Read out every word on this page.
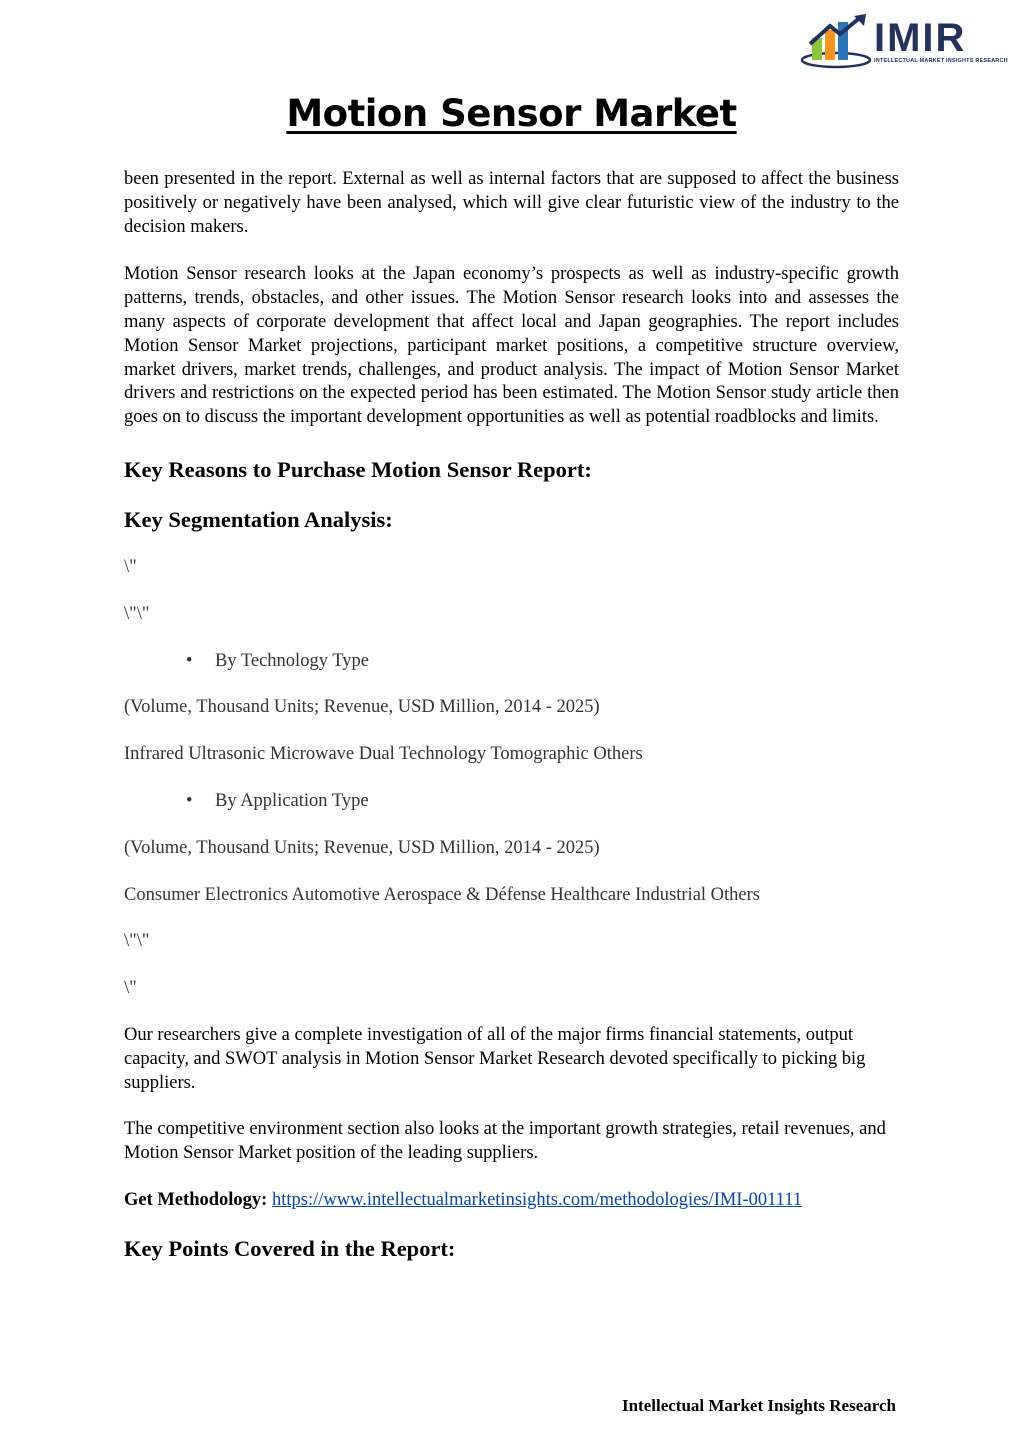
IMIR
INTELLECTUAL MARKET INSIGHTS RESEARCH
Motion Sensor Market

been presented in the report. External as well as internal factors that are supposed to affect the business positively or negatively have been analysed, which will give clear futuristic view of the industry to the decision makers.

Motion Sensor research looks at the Japan economy’s prospects as well as industry-specific growth patterns, trends, obstacles, and other issues. The Motion Sensor research looks into and assesses the many aspects of corporate development that affect local and Japan geographies. The report includes Motion Sensor Market projections, participant market positions, a competitive structure overview, market drivers, market trends, challenges, and product analysis. The impact of Motion Sensor Market drivers and restrictions on the expected period has been estimated. The Motion Sensor study article then goes on to discuss the important development opportunities as well as potential roadblocks and limits.

Key Reasons to Purchase Motion Sensor Report:
Key Segmentation Analysis:

\"

\"\"

• By Technology Type

(Volume, Thousand Units; Revenue, USD Million, 2014 - 2025)

Infrared Ultrasonic Microwave Dual Technology Tomographic Others

• By Application Type

(Volume, Thousand Units; Revenue, USD Million, 2014 - 2025)

Consumer Electronics Automotive Aerospace & Défense Healthcare Industrial Others

\"\"

\"

Our researchers give a complete investigation of all of the major firms financial statements, output capacity, and SWOT analysis in Motion Sensor Market Research devoted specifically to picking big suppliers.

The competitive environment section also looks at the important growth strategies, retail revenues, and Motion Sensor Market position of the leading suppliers.

Get Methodology: https://www.intellectualmarketinsights.com/methodologies/IMI-001111

Key Points Covered in the Report:
Intellectual Market Insights Research
